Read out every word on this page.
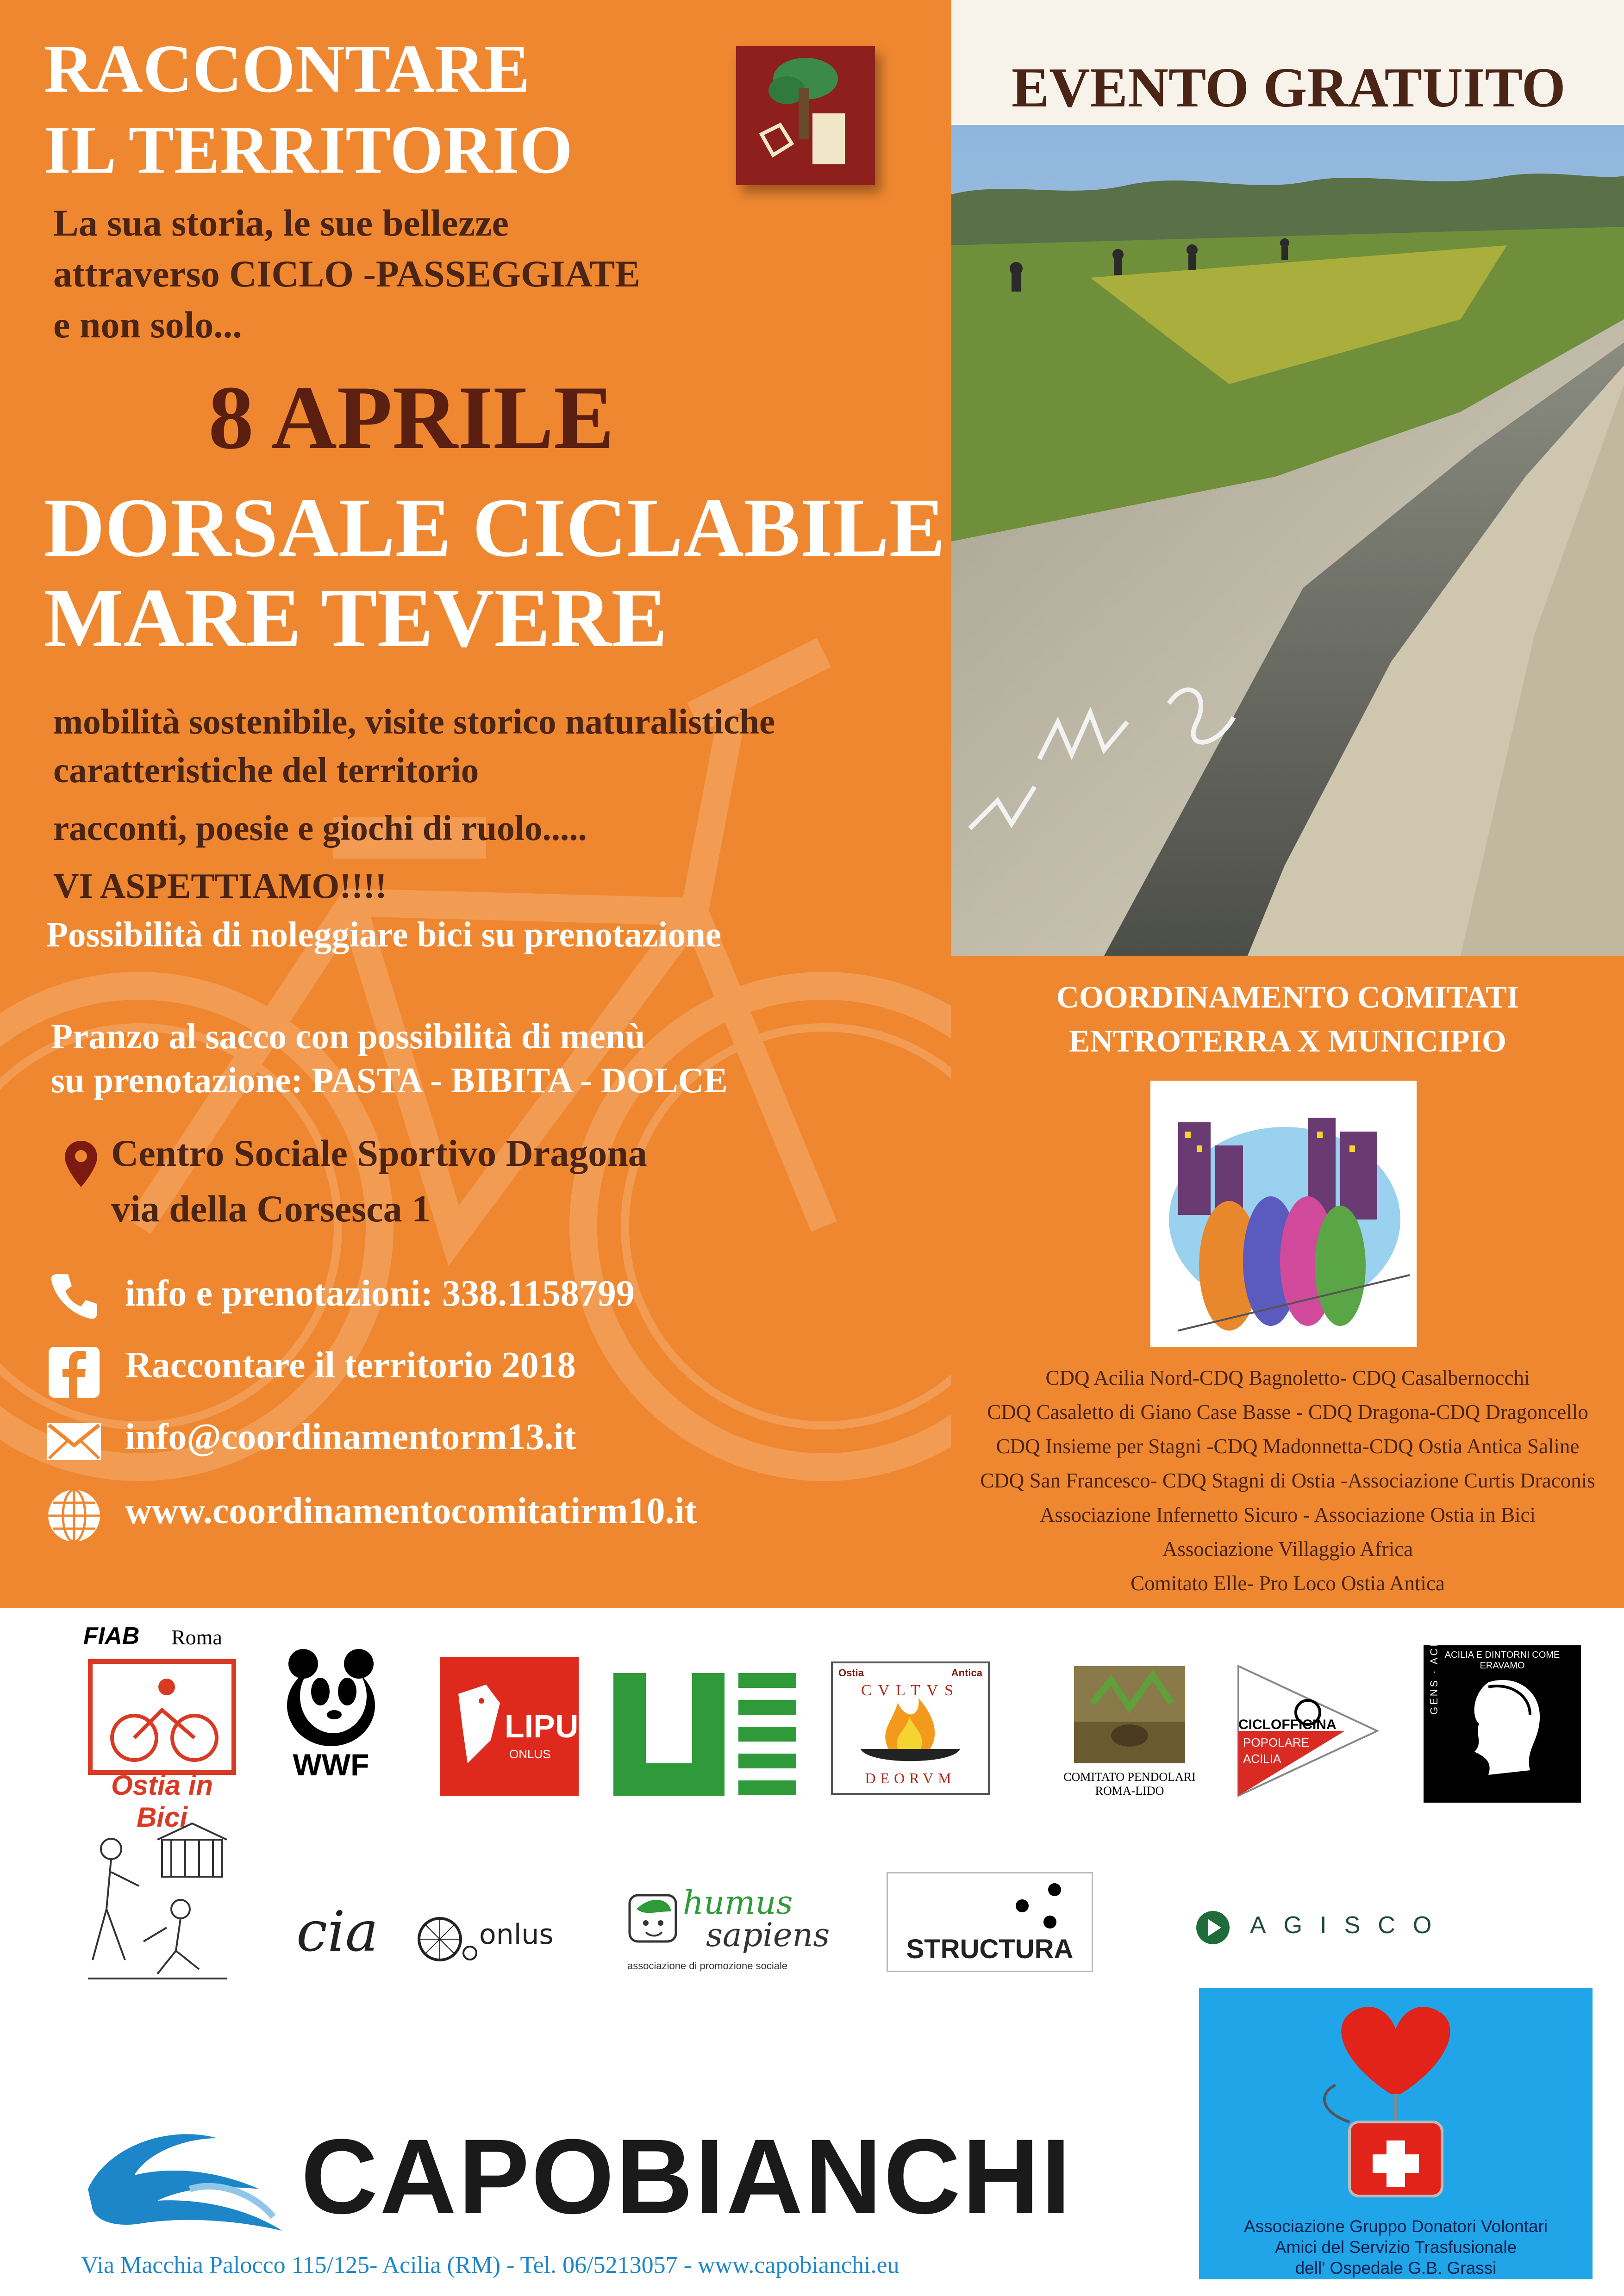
RACCONTARE
IL TERRITORIO
La sua storia, le sue bellezze
attraverso CICLO -PASSEGGIATE
e non solo...
8 APRILE
DORSALE CICLABILE
MARE TEVERE
mobilità sostenibile, visite storico naturalistiche
caratteristiche del territorio
racconti, poesie e giochi di ruolo.....
VI ASPETTIAMO!!!!
Possibilità di noleggiare bici su prenotazione
Pranzo al sacco con possibilità di menù
su prenotazione: PASTA - BIBITA - DOLCE
Centro Sociale Sportivo Dragona
via della Corsesca 1
info e prenotazioni: 338.1158799
Raccontare il territorio 2018
info@coordinamentorm13.it
www.coordinamentocomitatirm10.it
EVENTO GRATUITO
COORDINAMENTO COMITATI
ENTROTERRA X MUNICIPIO
CDQ Acilia Nord-CDQ Bagnoletto- CDQ Casalbernocchi
CDQ Casaletto di Giano Case Basse - CDQ Dragona-CDQ Dragoncello
CDQ Insieme per Stagni -CDQ Madonnetta-CDQ Ostia Antica Saline
CDQ San Francesco- CDQ Stagni di Ostia -Associazione Curtis Draconis
Associazione Infernetto Sicuro - Associazione Ostia in Bici
Associazione Villaggio Africa
Comitato Elle- Pro Loco Ostia Antica
FIAB Roma
Ostia in Bici
WWF
LIPU
ONLUS
Ostia	Antica
CVLTVS
DEORVM	COMITATO PENDOLARI ROMA-LIDO
CICLOFFICINA
POPOLARE
ACILIA
ACILIA E DINTORNI COME ERAVAMO
GENS · ACILIA
cia	onlus
humus
sapiens
associazione di promozione sociale
STRUCTURA
AGISCO
Associazione Gruppo Donatori Volontari
Amici del Servizio Trasfusionale
dell' Ospedale G.B. Grassi
CAPOBIANCHI
Via Macchia Palocco 115/125- Acilia (RM) - Tel. 06/5213057 - www.capobianchi.eu
